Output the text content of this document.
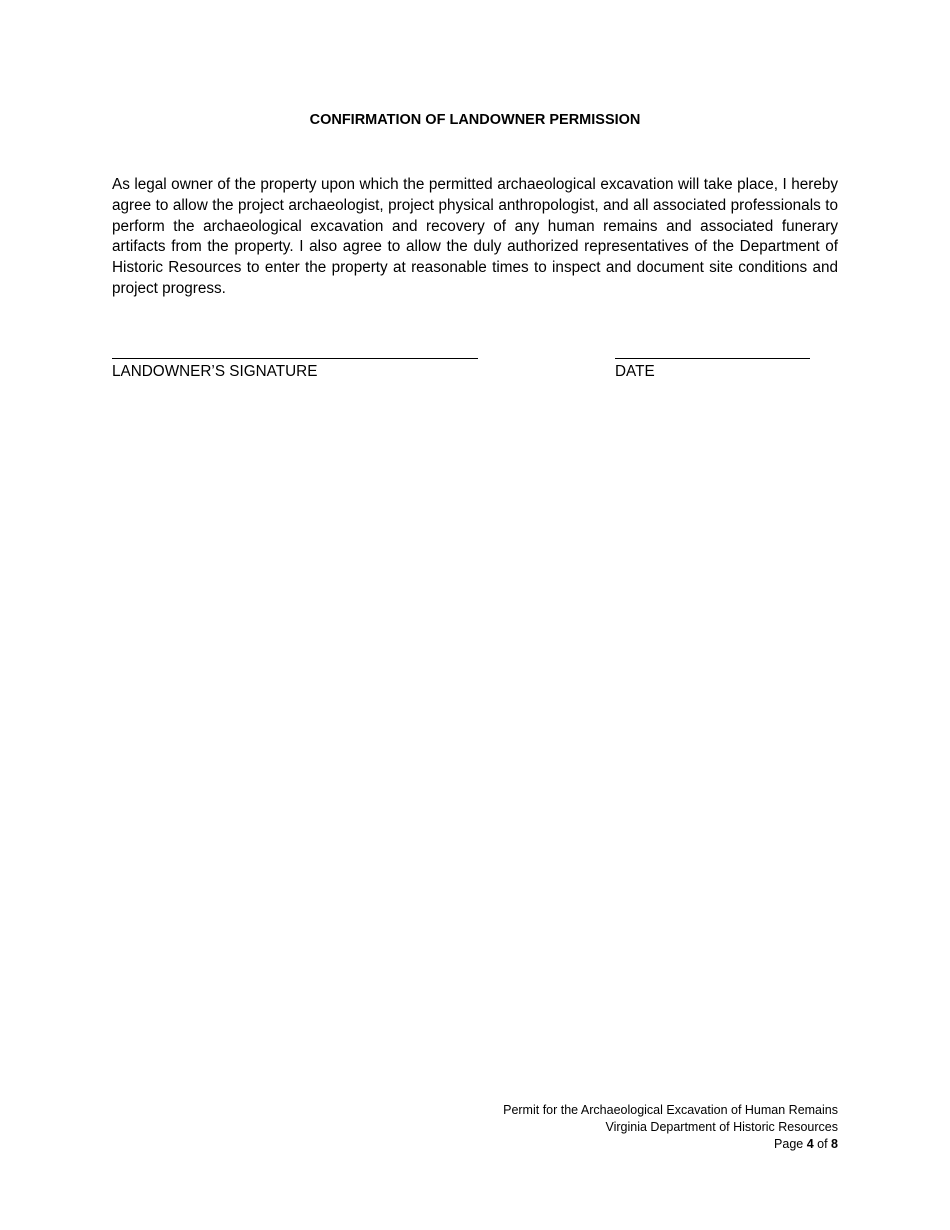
CONFIRMATION OF LANDOWNER PERMISSION
As legal owner of the property upon which the permitted archaeological excavation will take place, I hereby agree to allow the project archaeologist, project physical anthropologist, and all associated professionals to perform the archaeological excavation and recovery of any human remains and associated funerary artifacts from the property. I also agree to allow the duly authorized representatives of the Department of Historic Resources to enter the property at reasonable times to inspect and document site conditions and project progress.
LANDOWNER’S SIGNATURE	DATE
Permit for the Archaeological Excavation of Human Remains
Virginia Department of Historic Resources
Page 4 of 8
